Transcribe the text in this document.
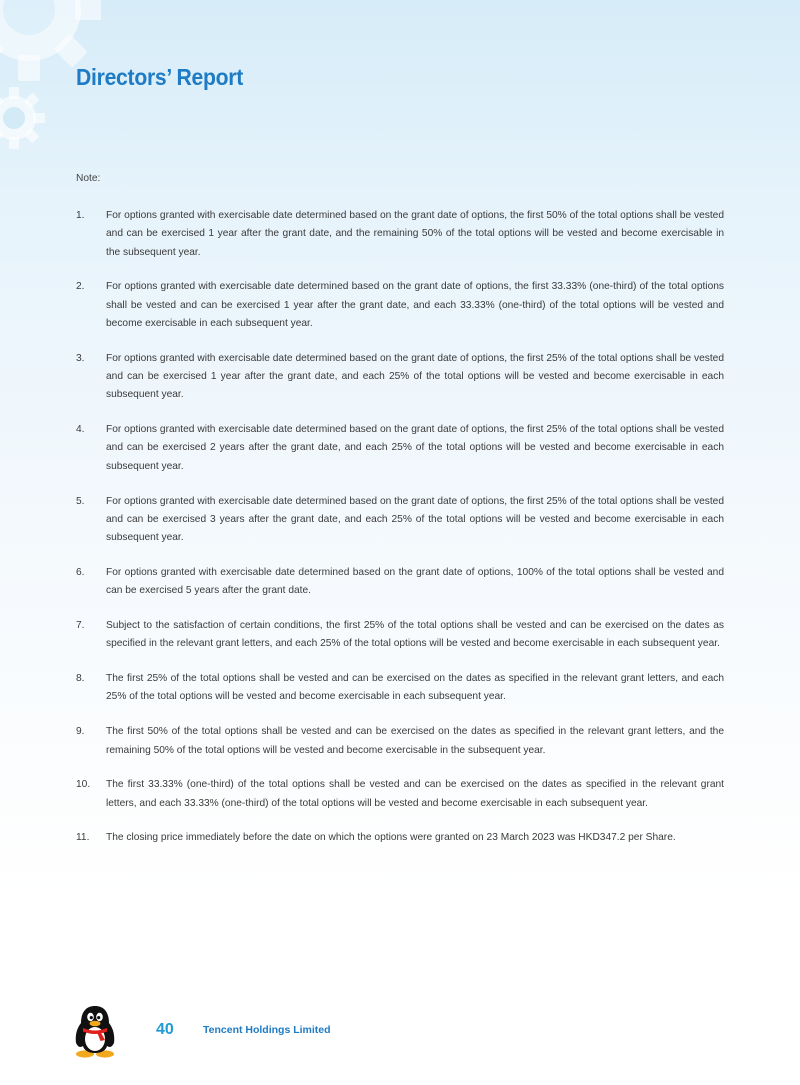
Directors’ Report
Note:
1. For options granted with exercisable date determined based on the grant date of options, the first 50% of the total options shall be vested and can be exercised 1 year after the grant date, and the remaining 50% of the total options will be vested and become exercisable in the subsequent year.
2. For options granted with exercisable date determined based on the grant date of options, the first 33.33% (one-third) of the total options shall be vested and can be exercised 1 year after the grant date, and each 33.33% (one-third) of the total options will be vested and become exercisable in each subsequent year.
3. For options granted with exercisable date determined based on the grant date of options, the first 25% of the total options shall be vested and can be exercised 1 year after the grant date, and each 25% of the total options will be vested and become exercisable in each subsequent year.
4. For options granted with exercisable date determined based on the grant date of options, the first 25% of the total options shall be vested and can be exercised 2 years after the grant date, and each 25% of the total options will be vested and become exercisable in each subsequent year.
5. For options granted with exercisable date determined based on the grant date of options, the first 25% of the total options shall be vested and can be exercised 3 years after the grant date, and each 25% of the total options will be vested and become exercisable in each subsequent year.
6. For options granted with exercisable date determined based on the grant date of options, 100% of the total options shall be vested and can be exercised 5 years after the grant date.
7. Subject to the satisfaction of certain conditions, the first 25% of the total options shall be vested and can be exercised on the dates as specified in the relevant grant letters, and each 25% of the total options will be vested and become exercisable in each subsequent year.
8. The first 25% of the total options shall be vested and can be exercised on the dates as specified in the relevant grant letters, and each 25% of the total options will be vested and become exercisable in each subsequent year.
9. The first 50% of the total options shall be vested and can be exercised on the dates as specified in the relevant grant letters, and the remaining 50% of the total options will be vested and become exercisable in the subsequent year.
10. The first 33.33% (one-third) of the total options shall be vested and can be exercised on the dates as specified in the relevant grant letters, and each 33.33% (one-third) of the total options will be vested and become exercisable in each subsequent year.
11. The closing price immediately before the date on which the options were granted on 23 March 2023 was HKD347.2 per Share.
40	Tencent Holdings Limited
